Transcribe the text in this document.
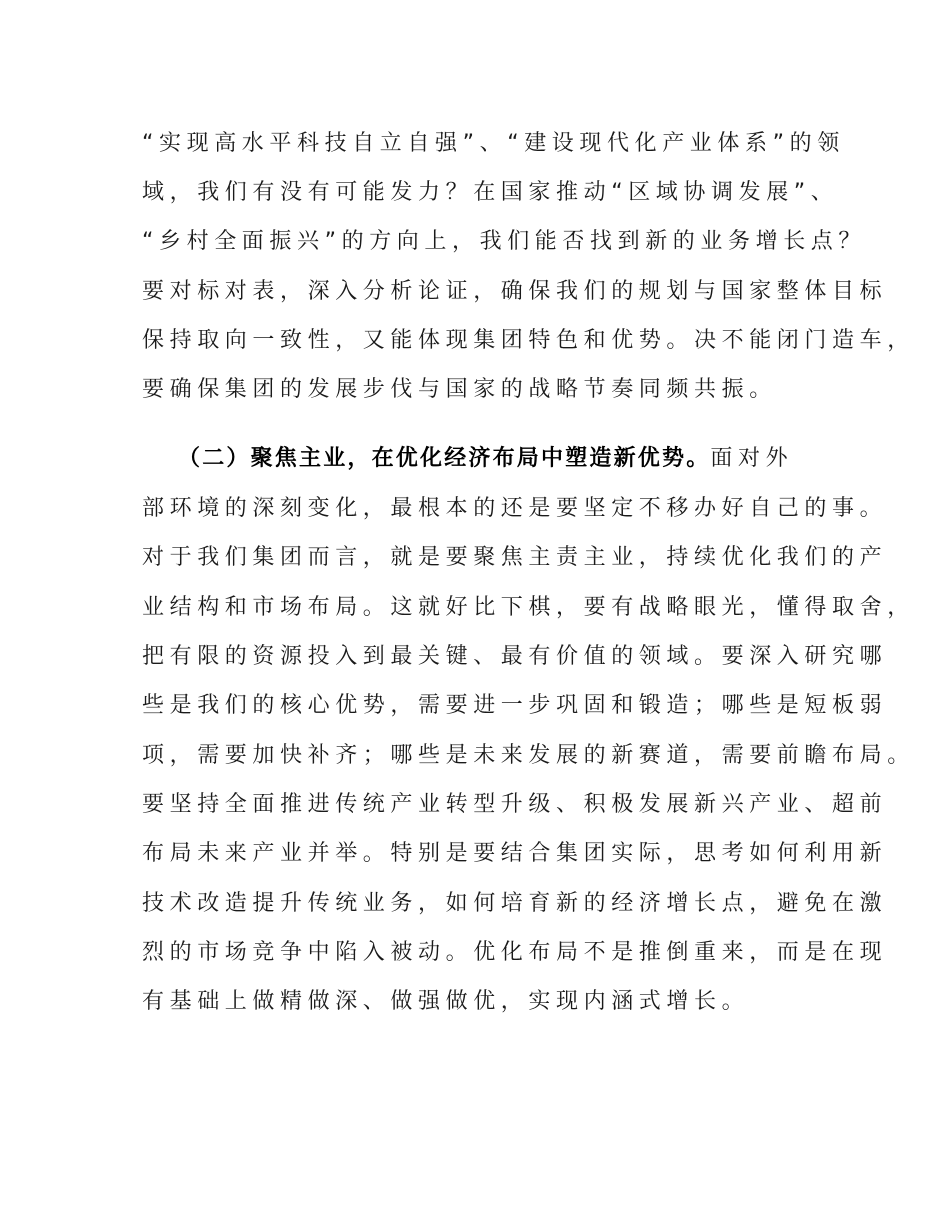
“实现高水平科技自立自强”、“建设现代化产业体系”的领
域，我们有没有可能发力？在国家推动“区域协调发展”、
“乡村全面振兴”的方向上，我们能否找到新的业务增长点？
要对标对表，深入分析论证，确保我们的规划与国家整体目标
保持取向一致性，又能体现集团特色和优势。决不能闭门造车，
要确保集团的发展步伐与国家的战略节奏同频共振。
（二）聚焦主业，在优化经济布局中塑造新优势。面对外
部环境的深刻变化，最根本的还是要坚定不移办好自己的事。
对于我们集团而言，就是要聚焦主责主业，持续优化我们的产
业结构和市场布局。这就好比下棋，要有战略眼光，懂得取舍，
把有限的资源投入到最关键、最有价值的领域。要深入研究哪
些是我们的核心优势，需要进一步巩固和锻造；哪些是短板弱
项，需要加快补齐；哪些是未来发展的新赛道，需要前瞻布局。
要坚持全面推进传统产业转型升级、积极发展新兴产业、超前
布局未来产业并举。特别是要结合集团实际，思考如何利用新
技术改造提升传统业务，如何培育新的经济增长点，避免在激
烈的市场竞争中陷入被动。优化布局不是推倒重来，而是在现
有基础上做精做深、做强做优，实现内涵式增长。
